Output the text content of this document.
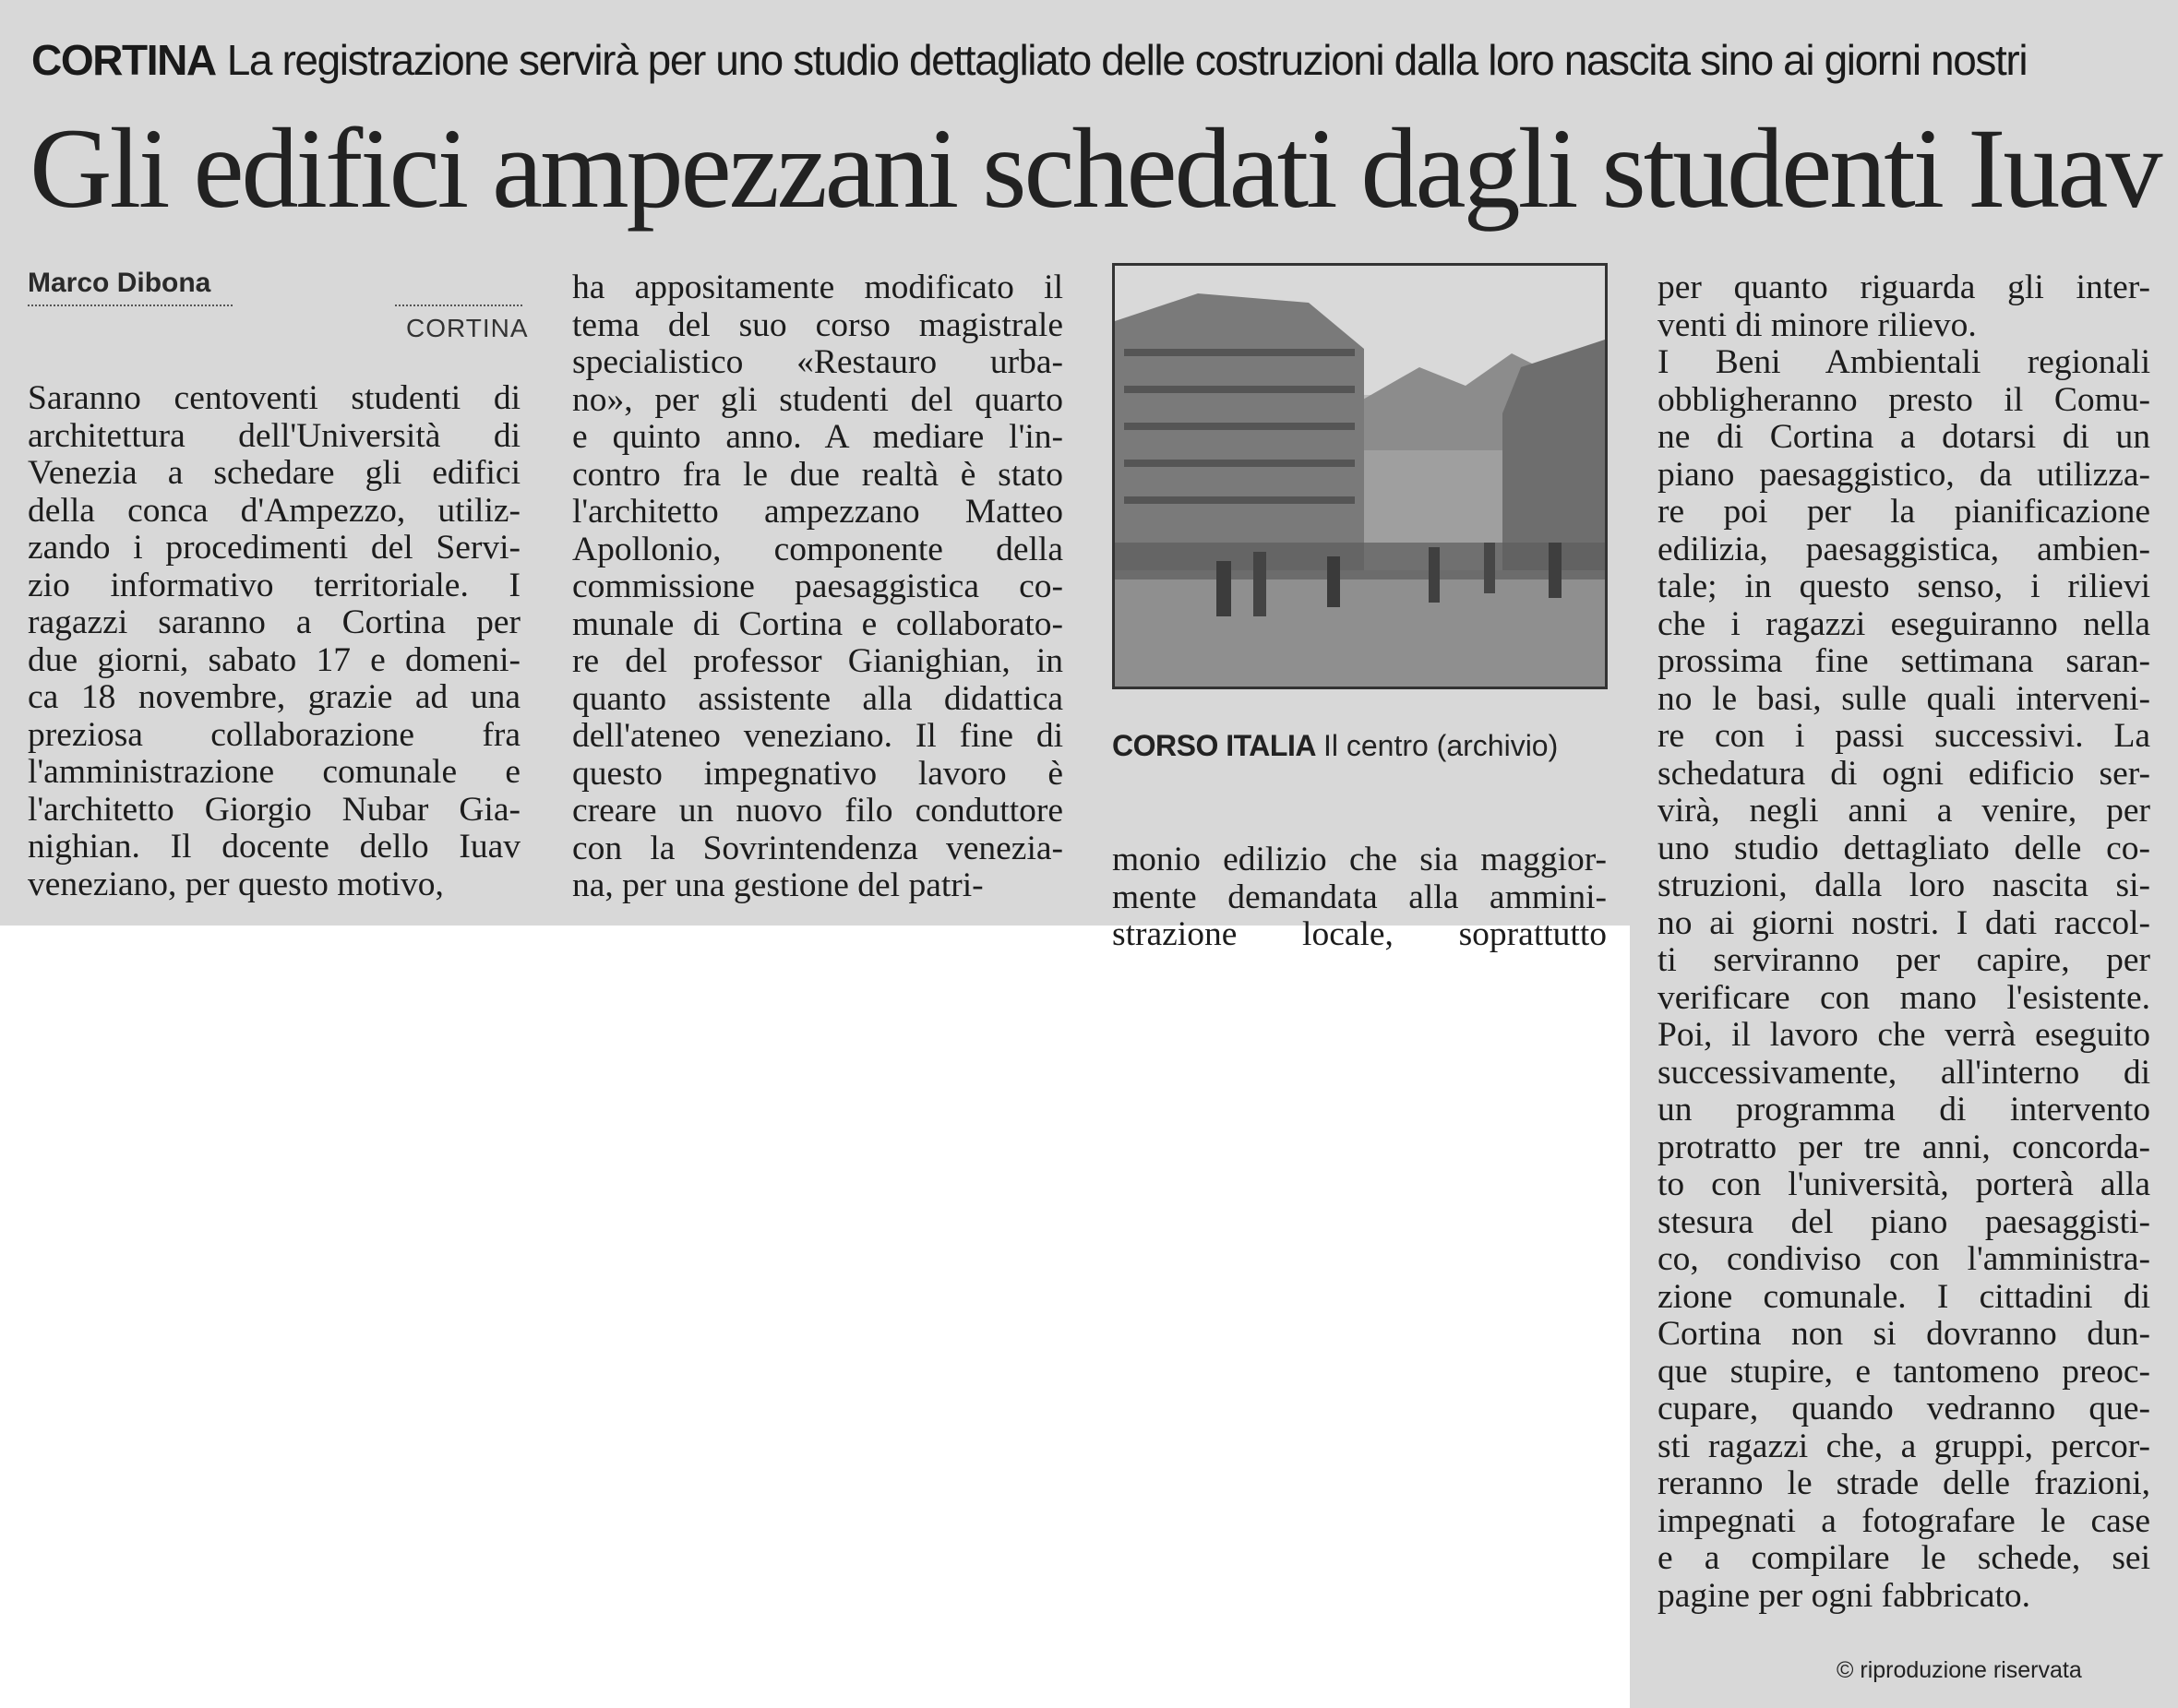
CORTINA La registrazione servirà per uno studio dettagliato delle costruzioni dalla loro nascita sino ai giorni nostri
Gli edifici ampezzani schedati dagli studenti Iuav
Marco Dibona
CORTINA
Saranno centoventi studenti di
architettura dell'Università di
Venezia a schedare gli edifici
della conca d'Ampezzo, utiliz-
zando i procedimenti del Servi-
zio informativo territoriale. I
ragazzi saranno a Cortina per
due giorni, sabato 17 e domeni-
ca 18 novembre, grazie ad una
preziosa collaborazione fra
l'amministrazione comunale e
l'architetto Giorgio Nubar Gia-
nighian. Il docente dello Iuav
veneziano, per questo motivo,
ha appositamente modificato il
tema del suo corso magistrale
specialistico «Restauro urba-
no», per gli studenti del quarto
e quinto anno. A mediare l'in-
contro fra le due realtà è stato
l'architetto ampezzano Matteo
Apollonio, componente della
commissione paesaggistica co-
munale di Cortina e collaborato-
re del professor Gianighian, in
quanto assistente alla didattica
dell'ateneo veneziano. Il fine di
questo impegnativo lavoro è
creare un nuovo filo conduttore
con la Sovrintendenza venezia-
na, per una gestione del patri-
monio edilizio che sia maggior-
mente demandata alla ammini-
strazione locale, soprattutto
per quanto riguarda gli inter-
venti di minore rilievo.
I Beni Ambientali regionali
obbligheranno presto il Comu-
ne di Cortina a dotarsi di un
piano paesaggistico, da utilizza-
re poi per la pianificazione
edilizia, paesaggistica, ambien-
tale; in questo senso, i rilievi
che i ragazzi eseguiranno nella
prossima fine settimana saran-
no le basi, sulle quali interveni-
re con i passi successivi. La
schedatura di ogni edificio ser-
virà, negli anni a venire, per
uno studio dettagliato delle co-
struzioni, dalla loro nascita si-
no ai giorni nostri. I dati raccol-
ti serviranno per capire, per
verificare con mano l'esistente.
Poi, il lavoro che verrà eseguito
successivamente, all'interno di
un programma di intervento
protratto per tre anni, concorda-
to con l'università, porterà alla
stesura del piano paesaggisti-
co, condiviso con l'amministra-
zione comunale. I cittadini di
Cortina non si dovranno dun-
que stupire, e tantomeno preoc-
cupare, quando vedranno que-
sti ragazzi che, a gruppi, percor-
reranno le strade delle frazioni,
impegnati a fotografare le case
e a compilare le schede, sei
pagine per ogni fabbricato.
CORSO ITALIA Il centro (archivio)
© riproduzione riservata
